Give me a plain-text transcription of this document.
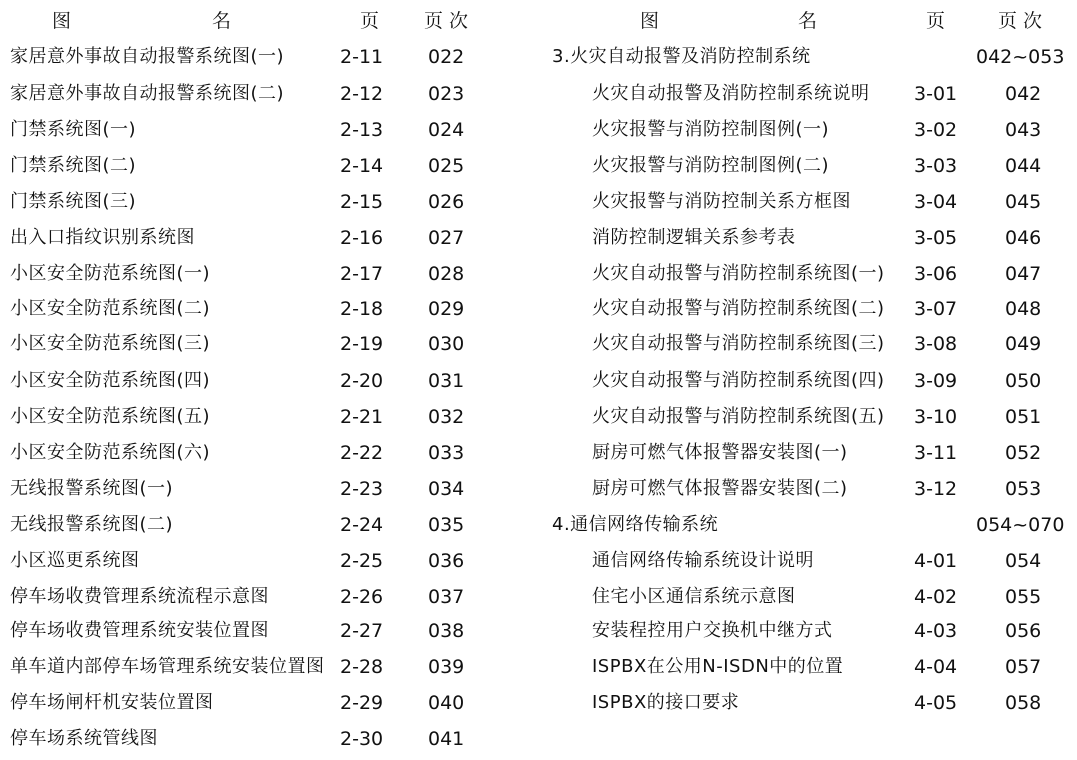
图	名	页 页 次
家居意外事故自动报警系统图(一)	2-11 022
家居意外事故自动报警系统图(二)	2-12 023
门禁系统图(一)	2-13 024
门禁系统图(二)	2-14 025
门禁系统图(三)	2-15 026
出入口指纹识别系统图	2-16 027
小区安全防范系统图(一)	2-17 028
小区安全防范系统图(二)	2-18 029
小区安全防范系统图(三)	2-19 030
小区安全防范系统图(四)	2-20 031
小区安全防范系统图(五)	2-21 032
小区安全防范系统图(六)	2-22 033
无线报警系统图(一)	2-23 034
无线报警系统图(二)	2-24 035
小区巡更系统图	2-25 036
停车场收费管理系统流程示意图	2-26 037
停车场收费管理系统安装位置图	2-27 038
单车道内部停车场管理系统安装位置图 2-28 039
停车场闸杆机安装位置图	2-29 040
停车场系统管线图	2-30 041
图	名	页	页 次
3.火灾自动报警及消防控制系统	042~053
火灾自动报警及消防控制系统说明 3-01	042
火灾报警与消防控制图例(一)	3-02	043
火灾报警与消防控制图例(二)	3-03	044
火灾报警与消防控制关系方框图	3-04	045
消防控制逻辑关系参考表	3-05	046
火灾自动报警与消防控制系统图(一) 3-06	047
火灾自动报警与消防控制系统图(二) 3-07	048
火灾自动报警与消防控制系统图(三) 3-08	049
火灾自动报警与消防控制系统图(四) 3-09	050
火灾自动报警与消防控制系统图(五) 3-10	051
厨房可燃气体报警器安装图(一)	3-11	052
厨房可燃气体报警器安装图(二)	3-12	053
4.通信网络传输系统	054~070
通信网络传输系统设计说明	4-01	054
住宅小区通信系统示意图	4-02	055
安装程控用户交换机中继方式	4-03	056
ISPBX在公用N-ISDN中的位置	4-04	057
ISPBX的接口要求	4-05	058
